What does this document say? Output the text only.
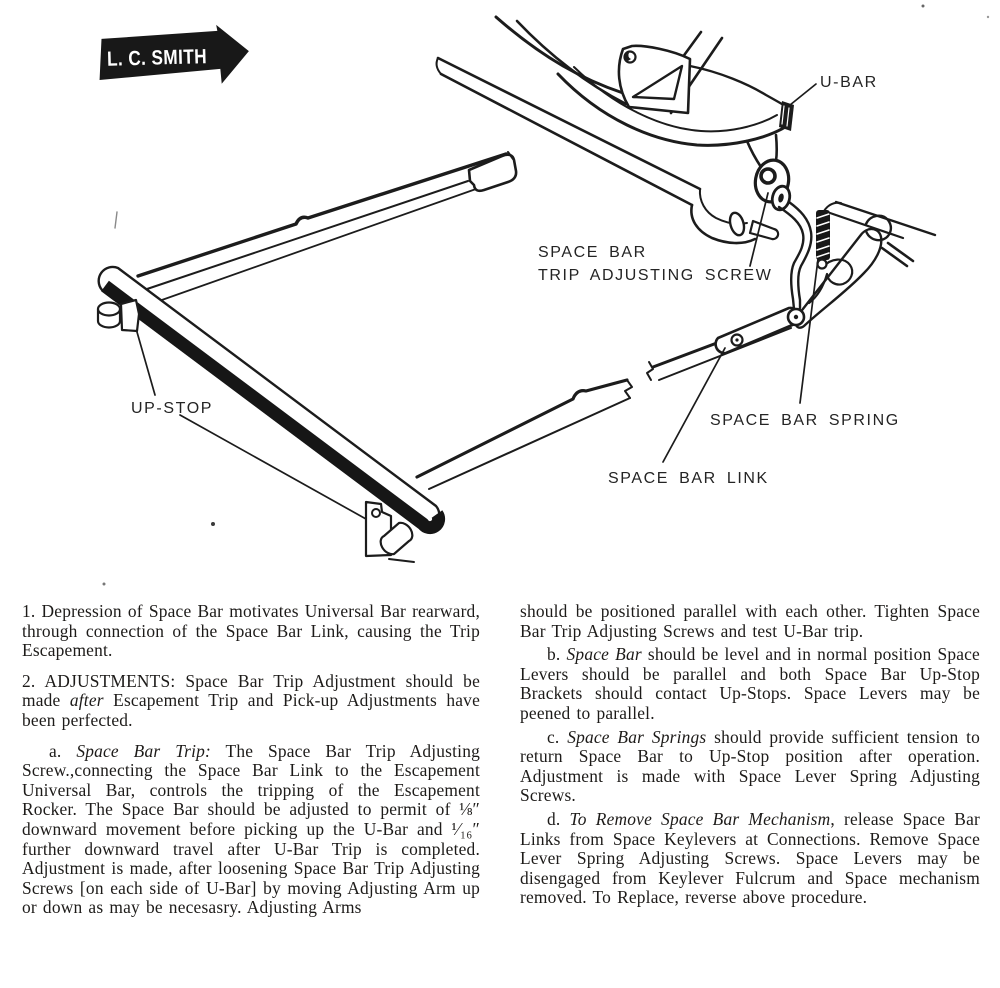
U-BAR
SPACE BAR
TRIP ADJUSTING SCREW
SPACE BAR SPRING
SPACE BAR LINK
UP-STOP
L. C. SMITH

1. Depression of Space Bar motivates Universal Bar rearward, through connection of the Space Bar Link, causing the Trip Escapement.

2. ADJUSTMENTS: Space Bar Trip Adjustment should be made after Escapement Trip and Pick-up Adjustments have been perfected.

a. Space Bar Trip: The Space Bar Trip Adjusting Screw.,connecting the Space Bar Link to the Escapement Universal Bar, controls the tripping of the Escapement Rocker. The Space Bar should be adjusted to permit of ⅛″ downward movement before picking up the U-Bar and ¹⁄₁₆″ further downward travel after U-Bar Trip is completed. Adjustment is made, after loosening Space Bar Trip Adjusting Screws [on each side of U-Bar] by moving Adjusting Arm up or down as may be necesasry. Adjusting Arms

should be positioned parallel with each other. Tighten Space Bar Trip Adjusting Screws and test U-Bar trip.

b. Space Bar should be level and in normal position Space Levers should be parallel and both Space Bar Up-Stop Brackets should contact Up-Stops. Space Levers may be peened to parallel.

c. Space Bar Springs should provide sufficient tension to return Space Bar to Up-Stop position after operation. Adjustment is made with Space Lever Spring Adjusting Screws.

d. To Remove Space Bar Mechanism, release Space Bar Links from Space Keylevers at Connections. Remove Space Lever Spring Adjusting Screws. Space Levers may be disengaged from Keylever Fulcrum and Space mechanism removed. To Replace, reverse above procedure.
